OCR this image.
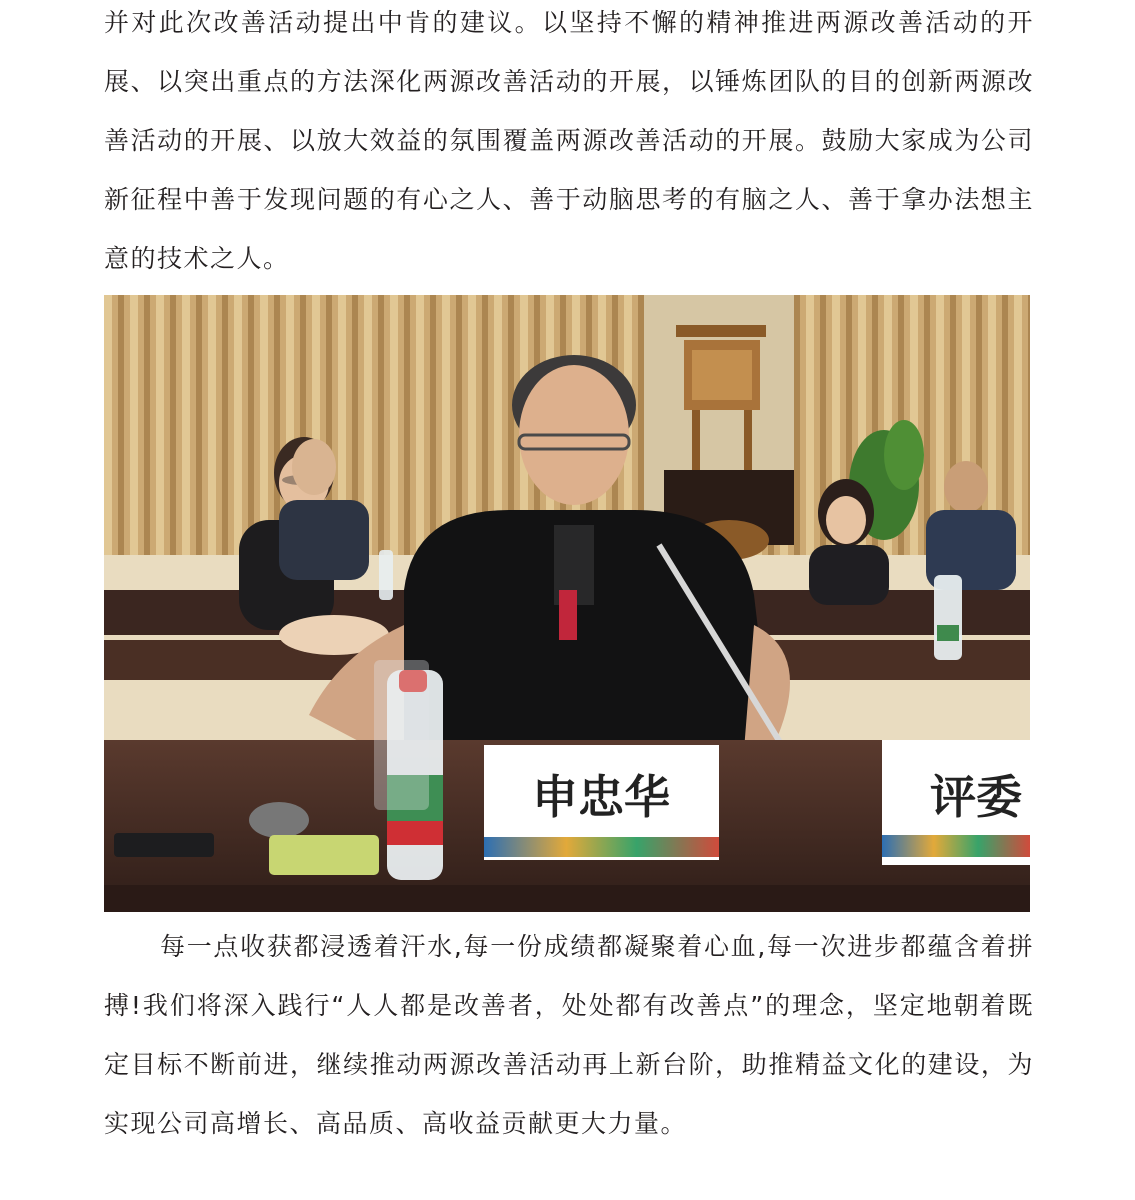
并对此次改善活动提出中肯的建议。以坚持不懈的精神推进两源改善活动的开展、以突出重点的方法深化两源改善活动的开展，以锤炼团队的目的创新两源改善活动的开展、以放大效益的氛围覆盖两源改善活动的开展。鼓励大家成为公司新征程中善于发现问题的有心之人、善于动脑思考的有脑之人、善于拿办法想主意的技术之人。

申忠华	评委

每一点收获都浸透着汗水,每一份成绩都凝聚着心血,每一次进步都蕴含着拼搏!我们将深入践行“人人都是改善者，处处都有改善点”的理念，坚定地朝着既定目标不断前进，继续推动两源改善活动再上新台阶，助推精益文化的建设，为实现公司高增长、高品质、高收益贡献更大力量。
